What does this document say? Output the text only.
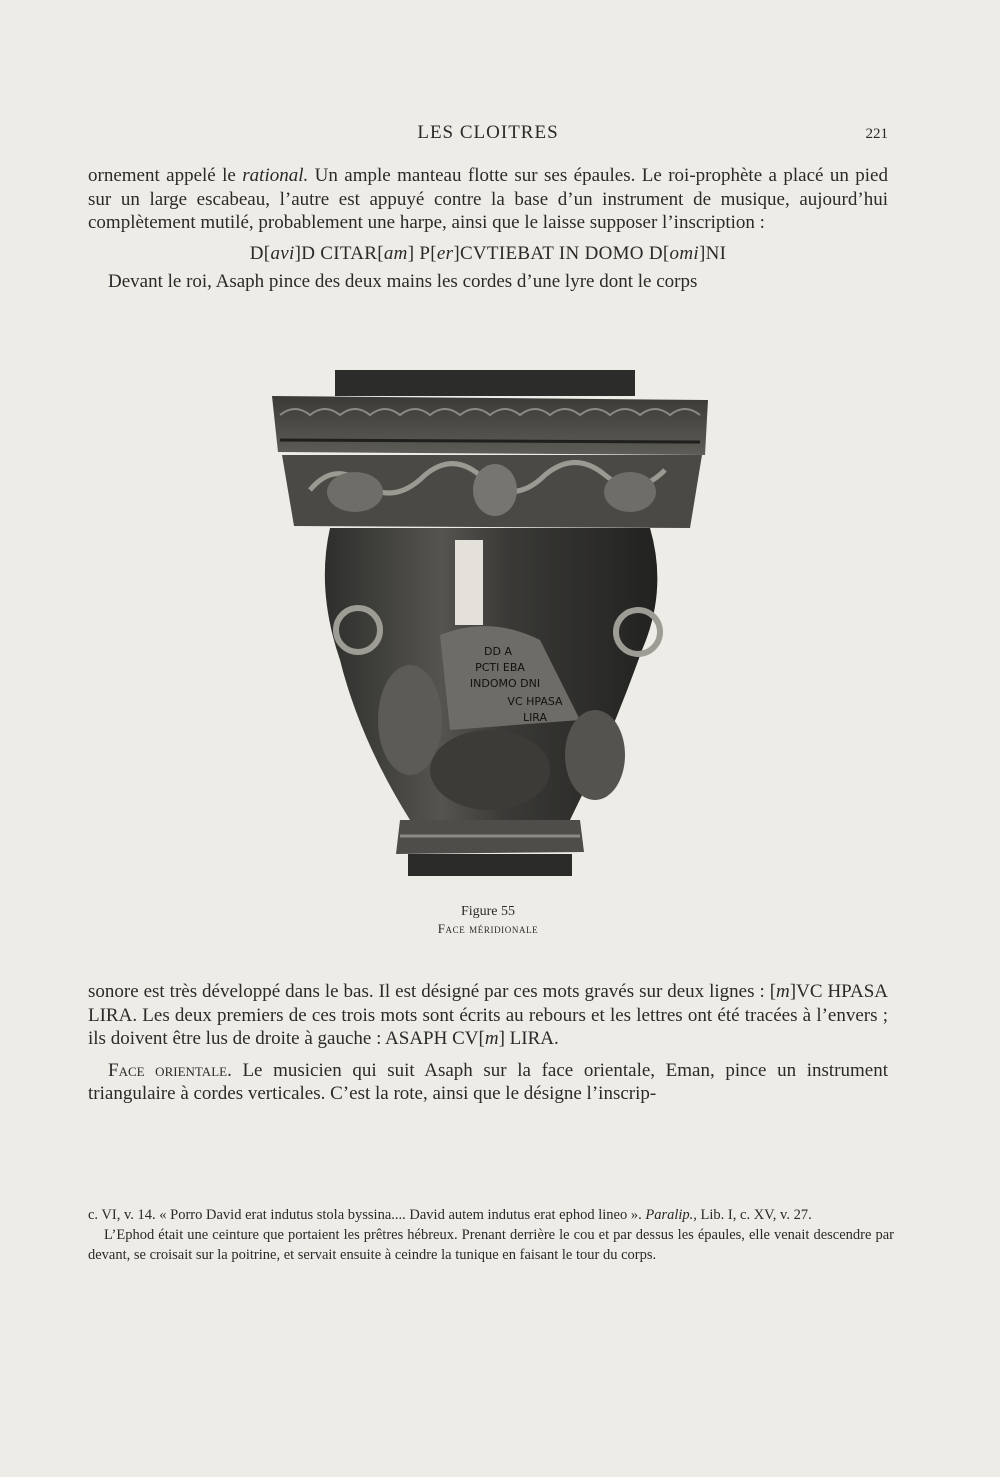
LES CLOITRES	221

ornement appelé le rational. Un ample manteau flotte sur ses épaules. Le roi-prophète a placé un pied sur un large escabeau, l’autre est appuyé contre la base d’un instrument de musique, aujourd’hui complètement mutilé, probablement une harpe, ainsi que le laisse supposer l’inscription :

D[avi]D CITAR[am] P[er]CVTIEBAT IN DOMO D[omi]NI

Devant le roi, Asaph pince des deux mains les cordes d’une lyre dont le corps

DD A
PCTI EBA
INDOMO DNI
VC HPASA
LIRA
Figure 55
Face méridionale

sonore est très développé dans le bas. Il est désigné par ces mots gravés sur deux lignes : [m]VC HPASA LIRA. Les deux premiers de ces trois mots sont écrits au rebours et les lettres ont été tracées à l’envers ; ils doivent être lus de droite à gauche : ASAPH CV[m] LIRA.

Face orientale. Le musicien qui suit Asaph sur la face orientale, Eman, pince un instrument triangulaire à cordes verticales. C’est la rote, ainsi que le désigne l’inscrip-

c. VI, v. 14. « Porro David erat indutus stola byssina.... David autem indutus erat ephod lineo ». Paralip., Lib. I, c. XV, v. 27.

L’Ephod était une ceinture que portaient les prêtres hébreux. Prenant derrière le cou et par dessus les épaules, elle venait descendre par devant, se croisait sur la poitrine, et servait ensuite à ceindre la tunique en faisant le tour du corps.
